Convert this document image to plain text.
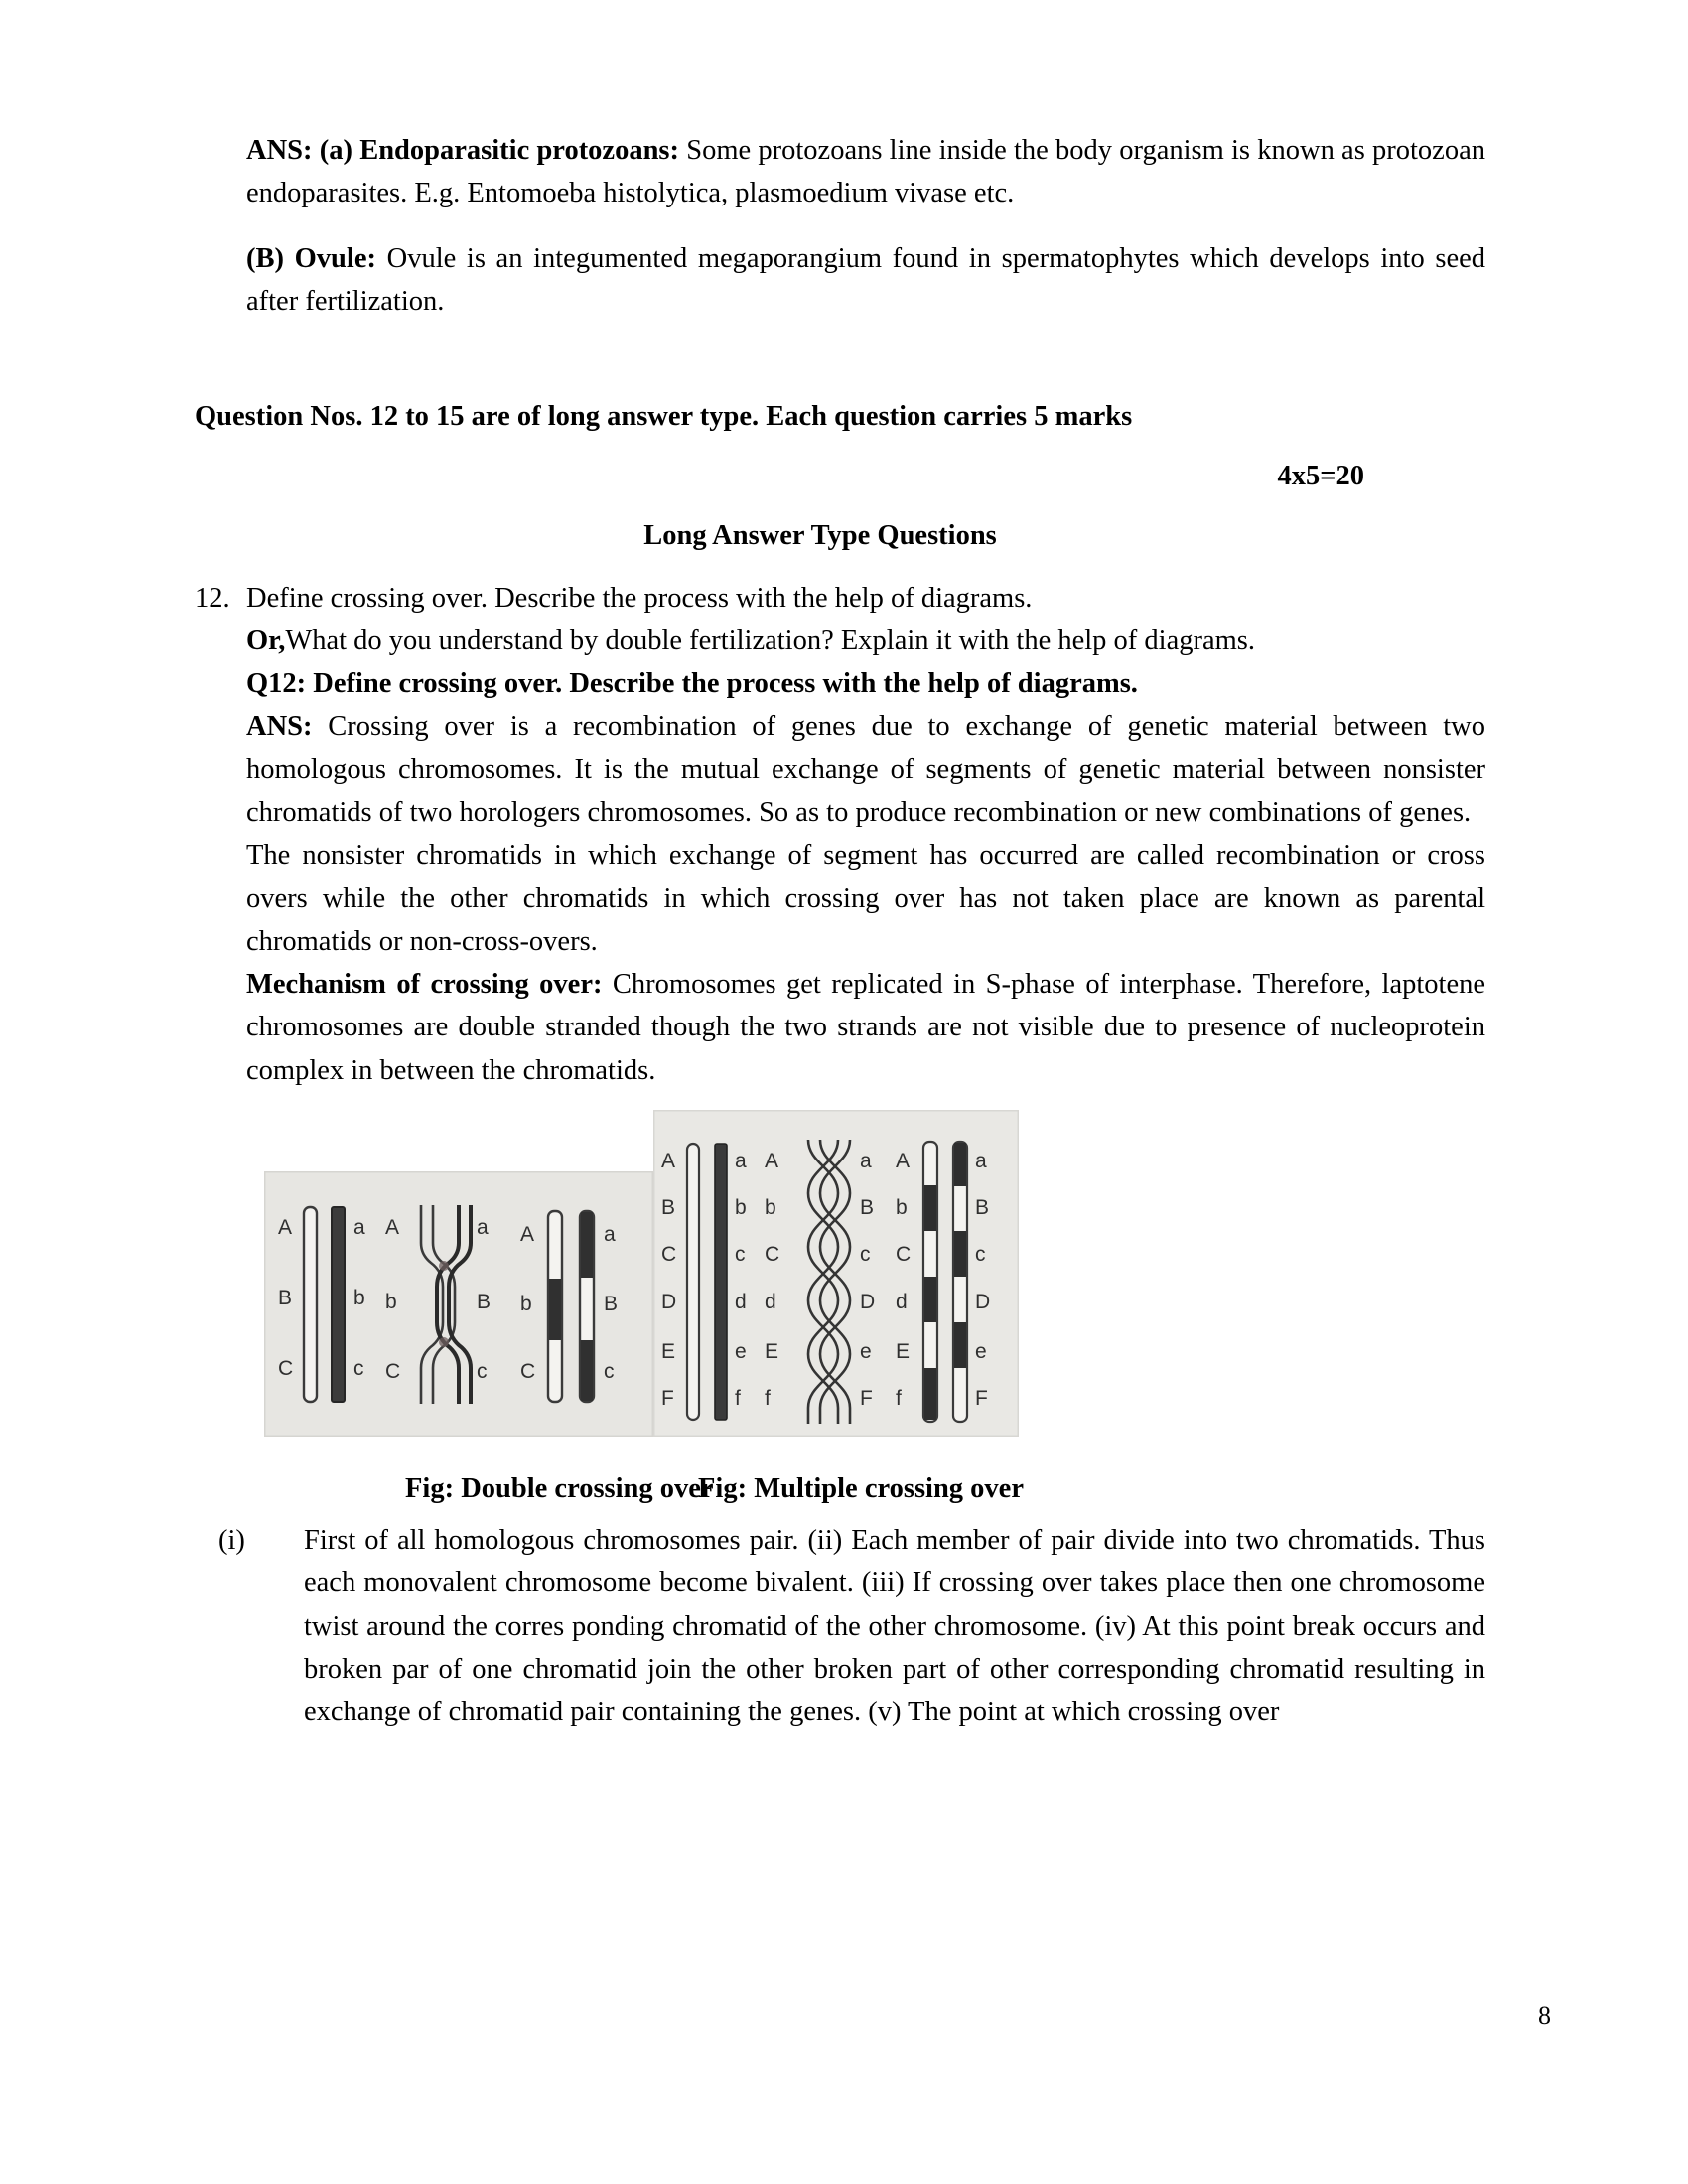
ANS: (a) Endoparasitic protozoans: Some protozoans line inside the body organism is known as protozoan endoparasites. E.g. Entomoeba histolytica, plasmoedium vivase etc.

(B) Ovule: Ovule is an integumented megaporangium found in spermatophytes which develops into seed after fertilization.

Question Nos. 12 to 15 are of long answer type. Each question carries 5 marks

4x5=20

Long Answer Type Questions

12. Define crossing over. Describe the process with the help of diagrams.
Or,What do you understand by double fertilization? Explain it with the help of diagrams.
Q12: Define crossing over. Describe the process with the help of diagrams.

ANS: Crossing over is a recombination of genes due to exchange of genetic material between two homologous chromosomes. It is the mutual exchange of segments of genetic material between nonsister chromatids of two horologers chromosomes. So as to produce recombination or new combinations of genes.

The nonsister chromatids in which exchange of segment has occurred are called recombination or cross overs while the other chromatids in which crossing over has not taken place are known as parental chromatids or non-cross-overs.

Mechanism of crossing over: Chromosomes get replicated in S-phase of interphase. Therefore, laptotene chromosomes are double stranded though the two strands are not visible due to presence of nucleoprotein complex in between the chromatids.

A
B
C
a
b
c
A
b
C
a
B
c
A
b
C
a
B
c
A
B
C
D
E
F
a
b
c
d
e
f
A
b
C
d
E
f
a
B
c
D
e
F
A
b
C
d
E
f
a
B
c
D
e
F
Fig: Double crossing over
Fig: Multiple crossing over
(i) First of all homologous chromosomes pair. (ii) Each member of pair divide into two chromatids. Thus each monovalent chromosome become bivalent. (iii) If crossing over takes place then one chromosome twist around the corres ponding chromatid of the other chromosome. (iv) At this point break occurs and broken par of one chromatid join the other broken part of other corresponding chromatid resulting in exchange of chromatid pair containing the genes. (v) The point at which crossing over
8
